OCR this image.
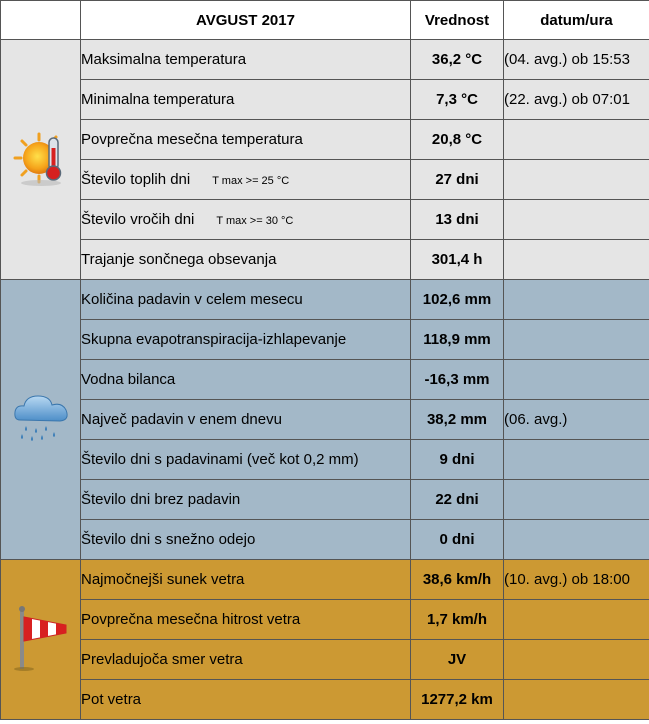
	AVGUST 2017	Vrednost	datum/ura
	Maksimalna temperatura	36,2 °C	(04. avg.) ob 15:53
	Minimalna temperatura	7,3 °C	(22. avg.) ob 07:01
	Povprečna mesečna temperatura	20,8 °C	
	Število toplih dni T max >= 25 °C	27 dni	
	Število vročih dni T max >= 30 °C	13 dni	
	Trajanje sončnega obsevanja	301,4 h	
	Količina padavin v celem mesecu	102,6 mm	
	Skupna evapotranspiracija-izhlapevanje	118,9 mm	
	Vodna bilanca	-16,3 mm	
	Največ padavin v enem dnevu	38,2 mm	(06. avg.)
	Število dni s padavinami (več kot 0,2 mm)	9 dni	
	Število dni brez padavin	22 dni	
	Število dni s snežno odejo	0 dni	
	Najmočnejši sunek vetra	38,6 km/h	(10. avg.) ob 18:00
	Povprečna mesečna hitrost vetra	1,7 km/h	
	Prevladujoča smer vetra	JV	
	Pot vetra	1277,2 km	
